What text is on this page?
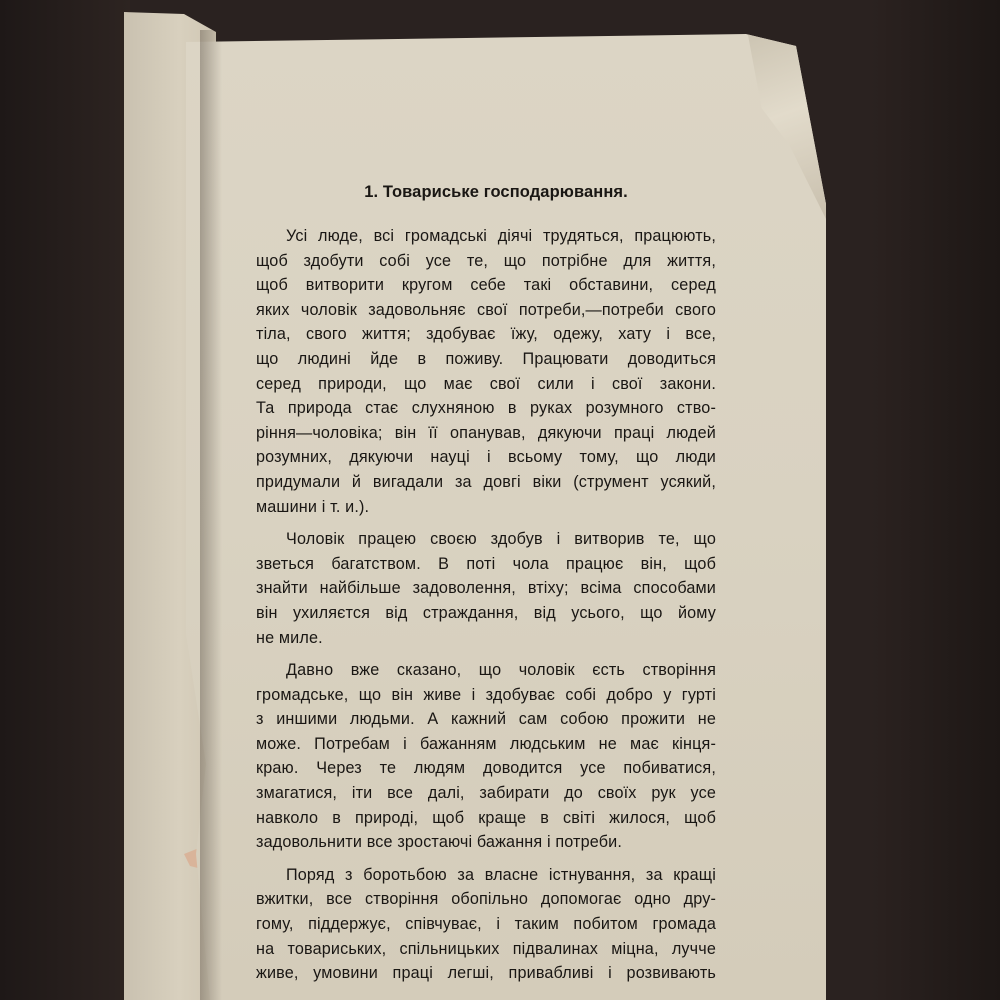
1. Товариське господарювання.
Усі люде, всі громадські діячі трудяться, працюють,
щоб здобути собі усе те, що потрібне для життя,
щоб витворити кругом себе такі обставини, серед
яких чоловік задовольняє свої потреби,—потреби свого
тіла, свого життя; здобуває їжу, одежу, хату і все,
що людині йде в поживу. Працювати доводиться
серед природи, що має свої сили і свої закони.
Та природа стає слухняною в руках розумного ство-
ріння—чоловіка; він її опанував, дякуючи праці людей
розумних, дякуючи науці і всьому тому, що люди
придумали й вигадали за довгі віки (струмент усякий,
машини і т. и.).
Чоловік працею своєю здобув і витворив те, що
зветься багатством. В поті чола працює він, щоб
знайти найбільше задоволення, втіху; всіма способами
він ухиляєтся від страждання, від усього, що йому
не миле.
Давно вже сказано, що чоловік єсть створіння
громадське, що він живе і здобуває собі добро у гурті
з иншими людьми. А кажний сам собою прожити не
може. Потребам і бажанням людським не має кінця-
краю. Через те людям доводится усе побиватися,
змагатися, іти все далі, забирати до своїх рук усе
навколо в природі, щоб краще в світі жилося, щоб
задовольнити все зростаючі бажання і потреби.
Поряд з боротьбою за власне істнування, за кращі
вжитки, все створіння обопільно допомогає одно дру-
гому, піддержує, співчуває, і таким побитом громада
на товариських, спільницьких підвалинах міцна, лучче
живе, умовини праці легші, привабливі і розвивають
